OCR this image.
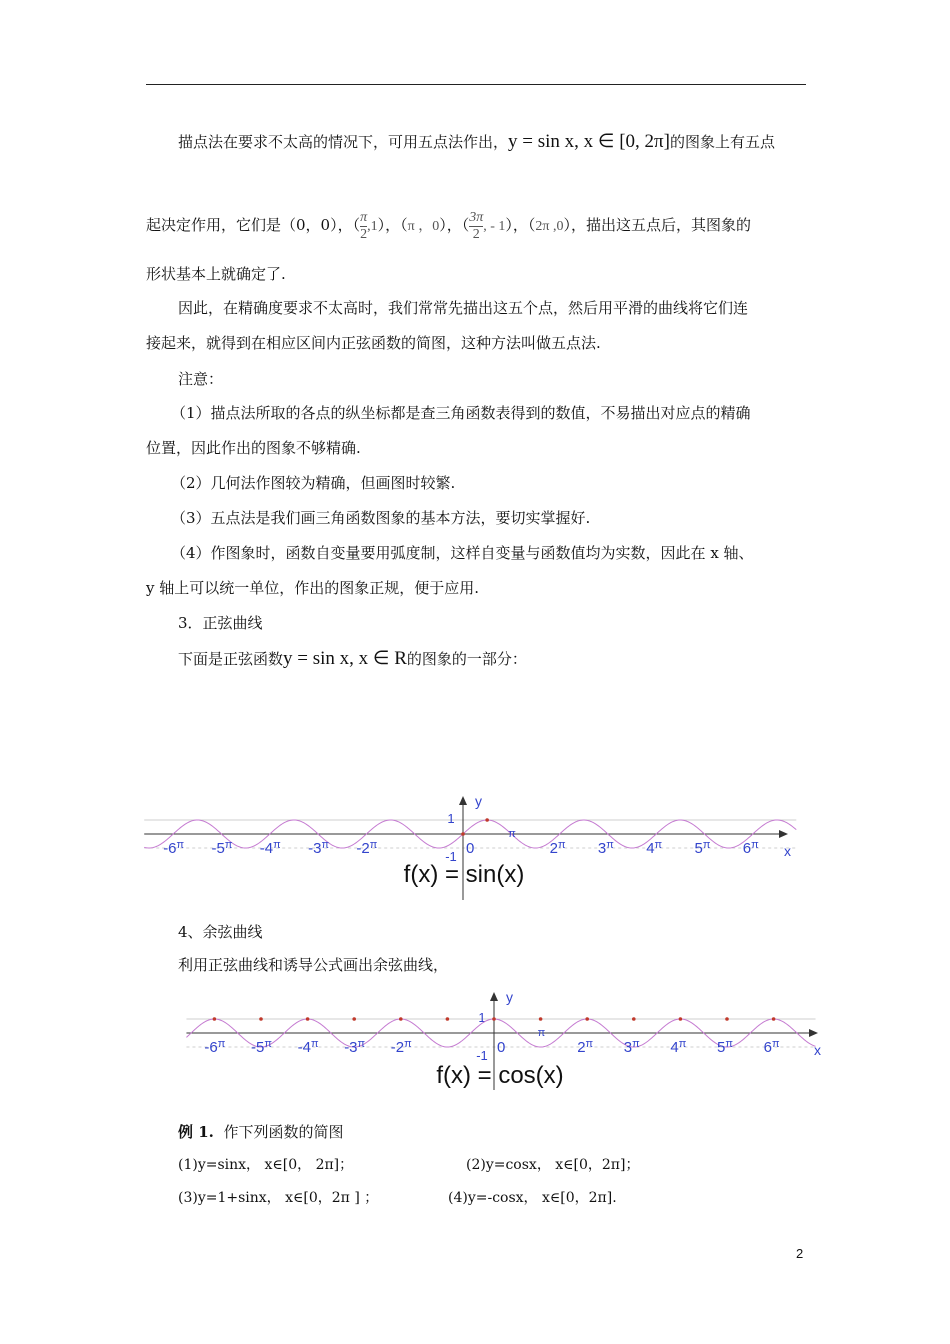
描点法在要求不太高的情况下，可用五点法作出，y = sin x, x ∈ [0, 2π]的图象上有五点
起决定作用，它们是（0，0），（ $\frac{\pi}{2} ,1$），（π ，0），（ $\frac{3\pi}{2}$ , - 1），（2π ,0），描出这五点后，其图象的
形状基本上就确定了.
因此，在精确度要求不太高时，我们常常先描出这五个点，然后用平滑的曲线将它们连
接起来，就得到在相应区间内正弦函数的简图，这种方法叫做五点法.
注意：
（1）描点法所取的各点的纵坐标都是查三角函数表得到的数值，不易描出对应点的精确
位置，因此作出的图象不够精确.
（2）几何法作图较为精确，但画图时较繁.
（3）五点法是我们画三角函数图象的基本方法，要切实掌握好.
（4）作图象时，函数自变量要用弧度制，这样自变量与函数值均为实数，因此在 x 轴、
y 轴上可以统一单位，作出的图象正规，便于应用.
3．正弦曲线
下面是正弦函数y = sin x, x ∈ R的图象的一部分：
x
y
1
-1
$-6^\pi$ $-5^\pi$ $-4^\pi$ $-3^\pi$ $-2^\pi$	0
$^\pi$
$2^\pi$ $3^\pi$ $4^\pi$ $5^\pi$ $6^\pi$
f(x) = sin(x)
4、余弦曲线
利用正弦曲线和诱导公式画出余弦曲线，
x
y
1
-1
$-6^\pi$ $-5^\pi$ $-4^\pi$ $-3^\pi$ $-2^\pi$	0
$^\pi$
$2^\pi$ $3^\pi$ $4^\pi$ $5^\pi$ $6^\pi$
f(x) = cos(x)
例 1. 作下列函数的简图
(1)y=sinx， x∈[0， 2π]；	(2)y=cosx， x∈[0，2π]；
(3)y=1+sinx， x∈[0，2π ] ；	(4)y=-cosx， x∈[0，2π].
2
